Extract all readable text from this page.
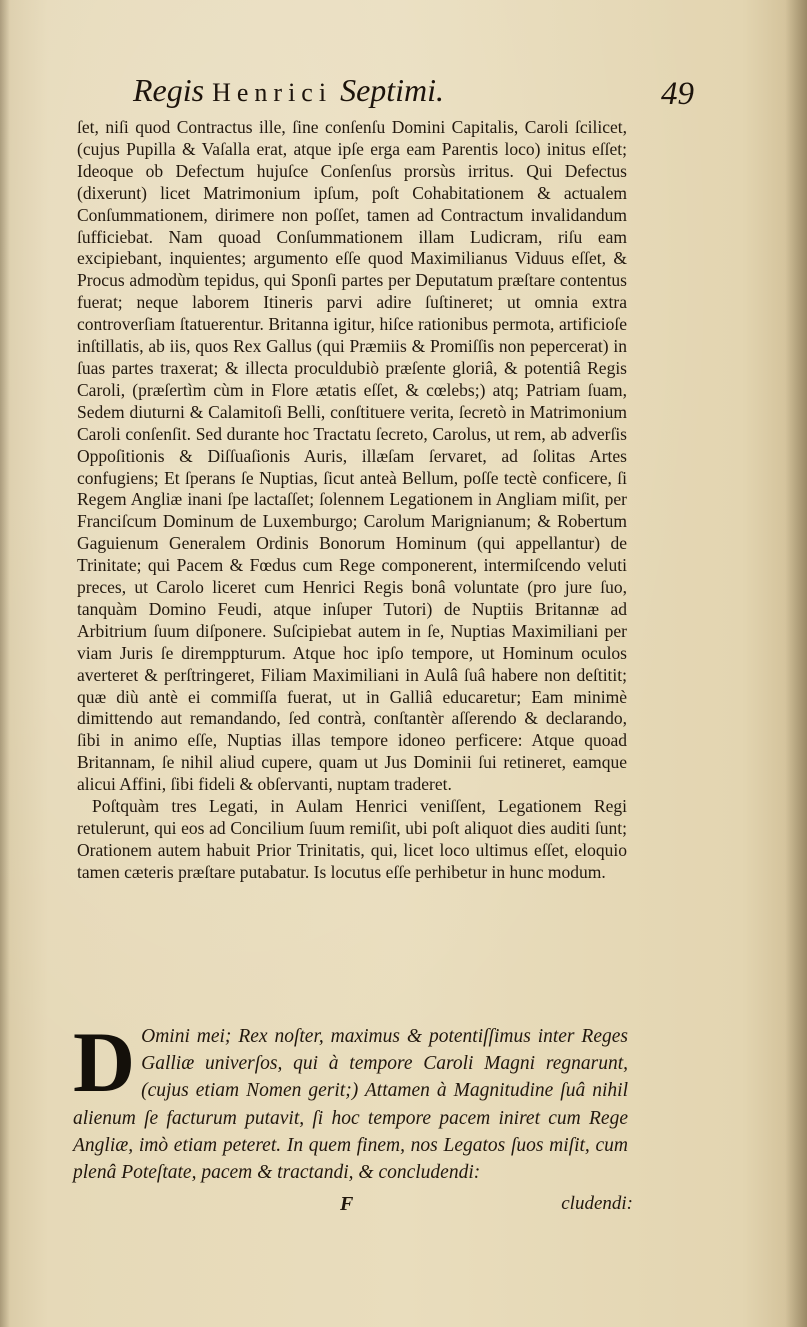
Regis Henrici Septimi.	49

ſet, niſi quod Contractus ille, ſine conſenſu Domini Capitalis, Caroli ſcilicet, (cujus Pupilla & Vaſalla erat, atque ipſe erga eam Parentis loco) initus eſſet; Ideoque ob Defectum hujuſce Conſenſus prorsùs irritus. Qui Defectus (dixerunt) licet Matrimonium ipſum, poſt Cohabitationem & actualem Conſummationem, dirimere non poſſet, tamen ad Contractum invalidandum ſufficiebat. Nam quoad Conſummationem illam Ludicram, riſu eam excipiebant, inquientes; argumento eſſe quod Maximilianus Viduus eſſet, & Procus admodùm tepidus, qui Sponſi partes per Deputatum præſtare contentus fuerat; neque laborem Itineris parvi adire ſuſtineret; ut omnia extra controverſiam ſtatuerentur. Britanna igitur, hiſce rationibus permota, artificioſe inſtillatis, ab iis, quos Rex Gallus (qui Præmiis & Promiſſis non pepercerat) in ſuas partes traxerat; & illecta proculdubiò præſente gloriâ, & potentiâ Regis Caroli, (præſertìm cùm in Flore ætatis eſſet, & cœlebs;) atq; Patriam ſuam, Sedem diuturni & Calamitoſi Belli, conſtituere verita, ſecretò in Matrimonium Caroli conſenſit. Sed durante hoc Tractatu ſecreto, Carolus, ut rem, ab adverſis Oppoſitionis & Diſſuaſionis Auris, illæſam ſervaret, ad ſolitas Artes confugiens; Et ſperans ſe Nuptias, ſicut anteà Bellum, poſſe tectè conficere, ſi Regem Angliæ inani ſpe lactaſſet; ſolennem Legationem in Angliam miſit, per Franciſcum Dominum de Luxemburgo; Carolum Marignianum; & Robertum Gaguienum Generalem Ordinis Bonorum Hominum (qui appellantur) de Trinitate; qui Pacem & Fœdus cum Rege componerent, intermiſcendo veluti preces, ut Carolo liceret cum Henrici Regis bonâ voluntate (pro jure ſuo, tanquàm Domino Feudi, atque inſuper Tutori) de Nuptiis Britannæ ad Arbitrium ſuum diſponere. Suſcipiebat autem in ſe, Nuptias Maximiliani per viam Juris ſe diremppturum. Atque hoc ipſo tempore, ut Hominum oculos averteret & perſtringeret, Filiam Maximiliani in Aulâ ſuâ habere non deſtitit; quæ diù antè ei commiſſa fuerat, ut in Galliâ educaretur; Eam minimè dimittendo aut remandando, ſed contrà, conſtantèr aſſerendo & declarando, ſibi in animo eſſe, Nuptias illas tempore idoneo perficere: Atque quoad Britannam, ſe nihil aliud cupere, quam ut Jus Dominii ſui retineret, eamque alicui Affini, ſibi fideli & obſervanti, nuptam traderet.

Poſtquàm tres Legati, in Aulam Henrici veniſſent, Legationem Regi retulerunt, qui eos ad Concilium ſuum remiſit, ubi poſt aliquot dies auditi ſunt; Orationem autem habuit Prior Trinitatis, qui, licet loco ultimus eſſet, eloquio tamen cæteris præſtare putabatur. Is locutus eſſe perhibetur in hunc modum.

D Omini mei; Rex noſter, maximus & potentiſſimus inter Reges Galliæ univerſos, qui à tempore Caroli Magni regnarunt, (cujus etiam Nomen gerit;) Attamen à Magnitudine ſuâ nihil alienum ſe facturum putavit, ſi hoc tempore pacem iniret cum Rege Angliæ, imò etiam peteret. In quem finem, nos Legatos ſuos miſit, cum plenâ Poteſtate, pacem & tractandi, & concludendi:
F	cludendi:
